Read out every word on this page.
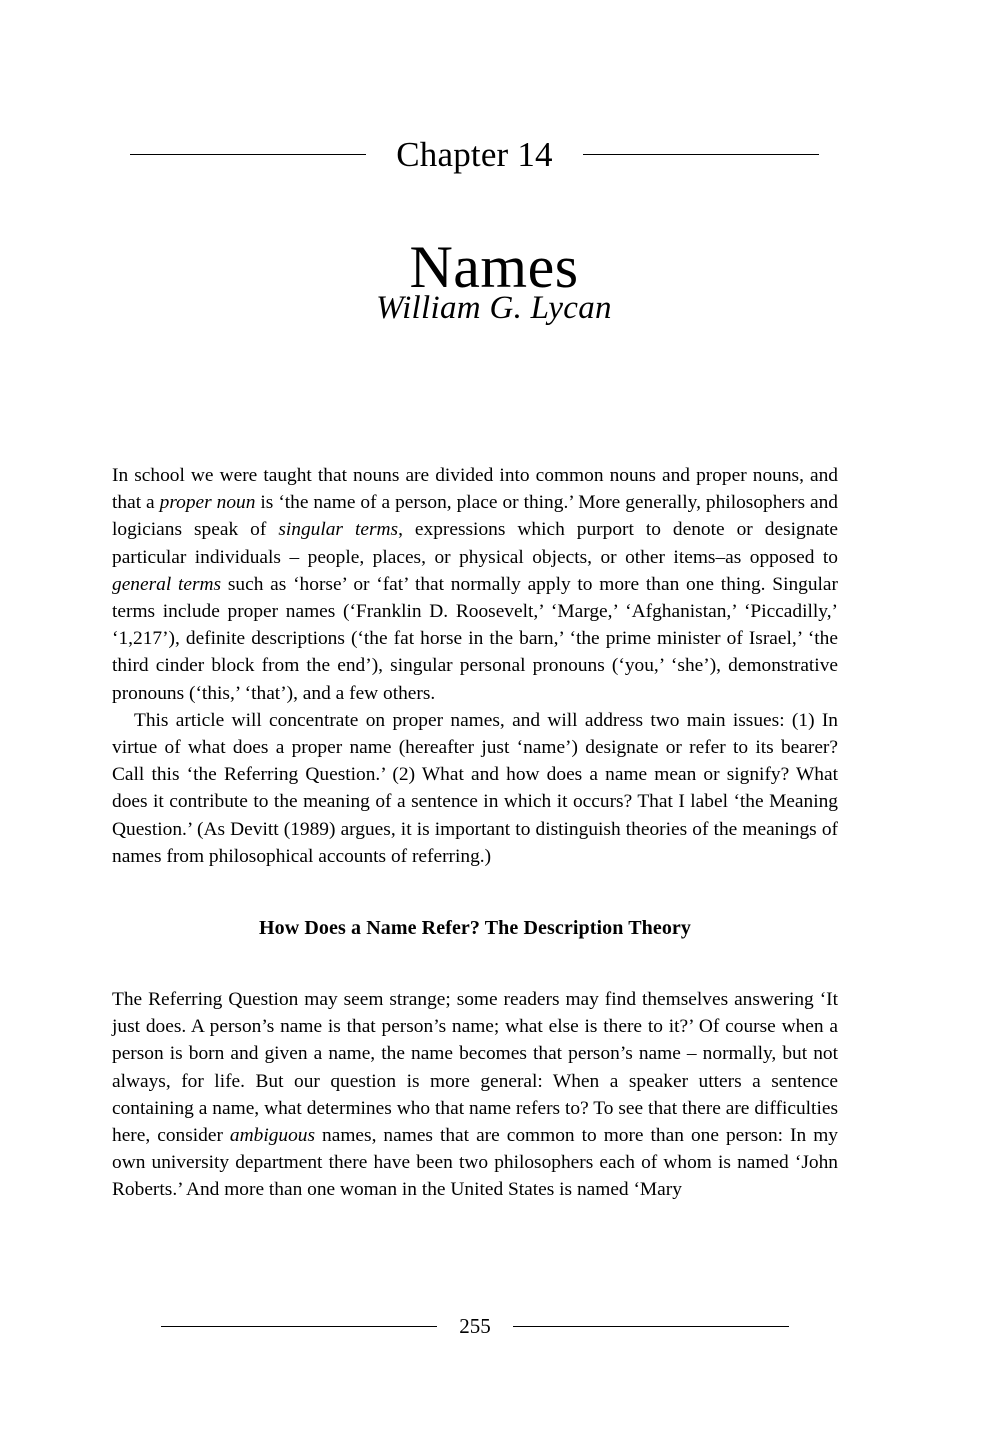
Chapter 14
Names
William G. Lycan

In school we were taught that nouns are divided into common nouns and proper nouns, and that a proper noun is ‘the name of a person, place or thing.’ More generally, philosophers and logicians speak of singular terms, expressions which purport to denote or designate particular individuals – people, places, or physical objects, or other items–as opposed to general terms such as ‘horse’ or ‘fat’ that normally apply to more than one thing. Singular terms include proper names (‘Franklin D. Roosevelt,’ ‘Marge,’ ‘Afghanistan,’ ‘Piccadilly,’ ‘1,217’), definite descriptions (‘the fat horse in the barn,’ ‘the prime minister of Israel,’ ‘the third cinder block from the end’), singular personal pronouns (‘you,’ ‘she’), demonstrative pronouns (‘this,’ ‘that’), and a few others.

This article will concentrate on proper names, and will address two main issues: (1) In virtue of what does a proper name (hereafter just ‘name’) designate or refer to its bearer? Call this ‘the Referring Question.’ (2) What and how does a name mean or signify? What does it contribute to the meaning of a sentence in which it occurs? That I label ‘the Meaning Question.’ (As Devitt (1989) argues, it is important to distinguish theories of the meanings of names from philosophical accounts of referring.)

How Does a Name Refer? The Description Theory

The Referring Question may seem strange; some readers may find themselves answering ‘It just does. A person’s name is that person’s name; what else is there to it?’ Of course when a person is born and given a name, the name becomes that person’s name – normally, but not always, for life. But our question is more general: When a speaker utters a sentence containing a name, what determines who that name refers to? To see that there are difficulties here, consider ambiguous names, names that are common to more than one person: In my own university department there have been two philosophers each of whom is named ‘John Roberts.’ And more than one woman in the United States is named ‘Mary

255
